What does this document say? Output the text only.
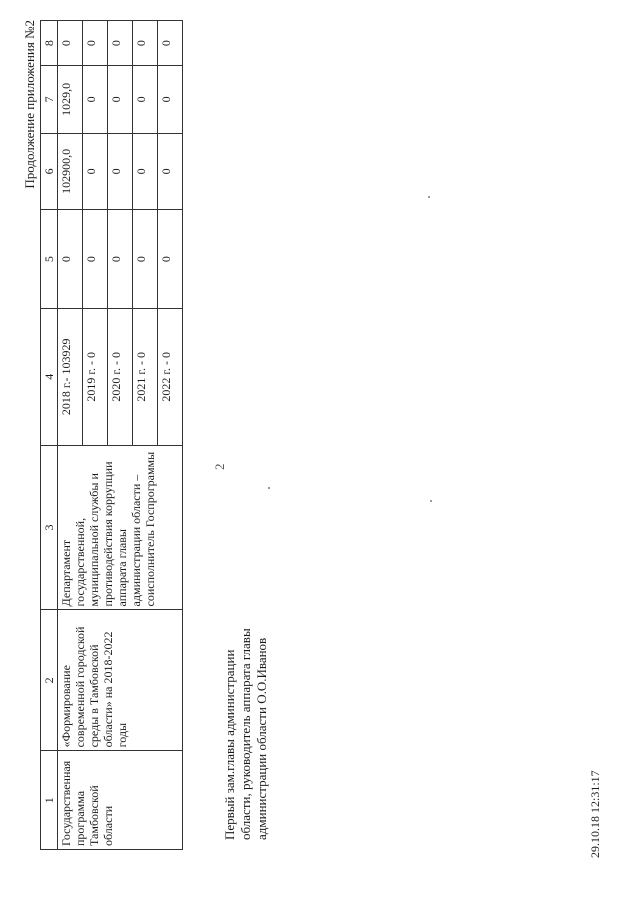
2
Продолжение приложения №2
1	2	3	4	5	6	7	8
Государственная программа Тамбовской области	«Формирование современной городской среды в Тамбовской области» на 2018-2022 годы	Департамент государственной, муниципальной службы и противодействия коррупции аппарата главы администрации области – соисполнитель Госпрограммы	2018 г.- 103929	0	102900,0	1029,0	0
			2019 г. - 0	0	0	0	0
			2020 г. - 0	0	0	0	0
			2021 г. - 0	0	0	0	0
			2022 г. - 0	0	0	0	0
Первый зам.главы администрации области, руководитель аппарата главы администрации области О.О.Иванов	29.10.18 12:31:17
